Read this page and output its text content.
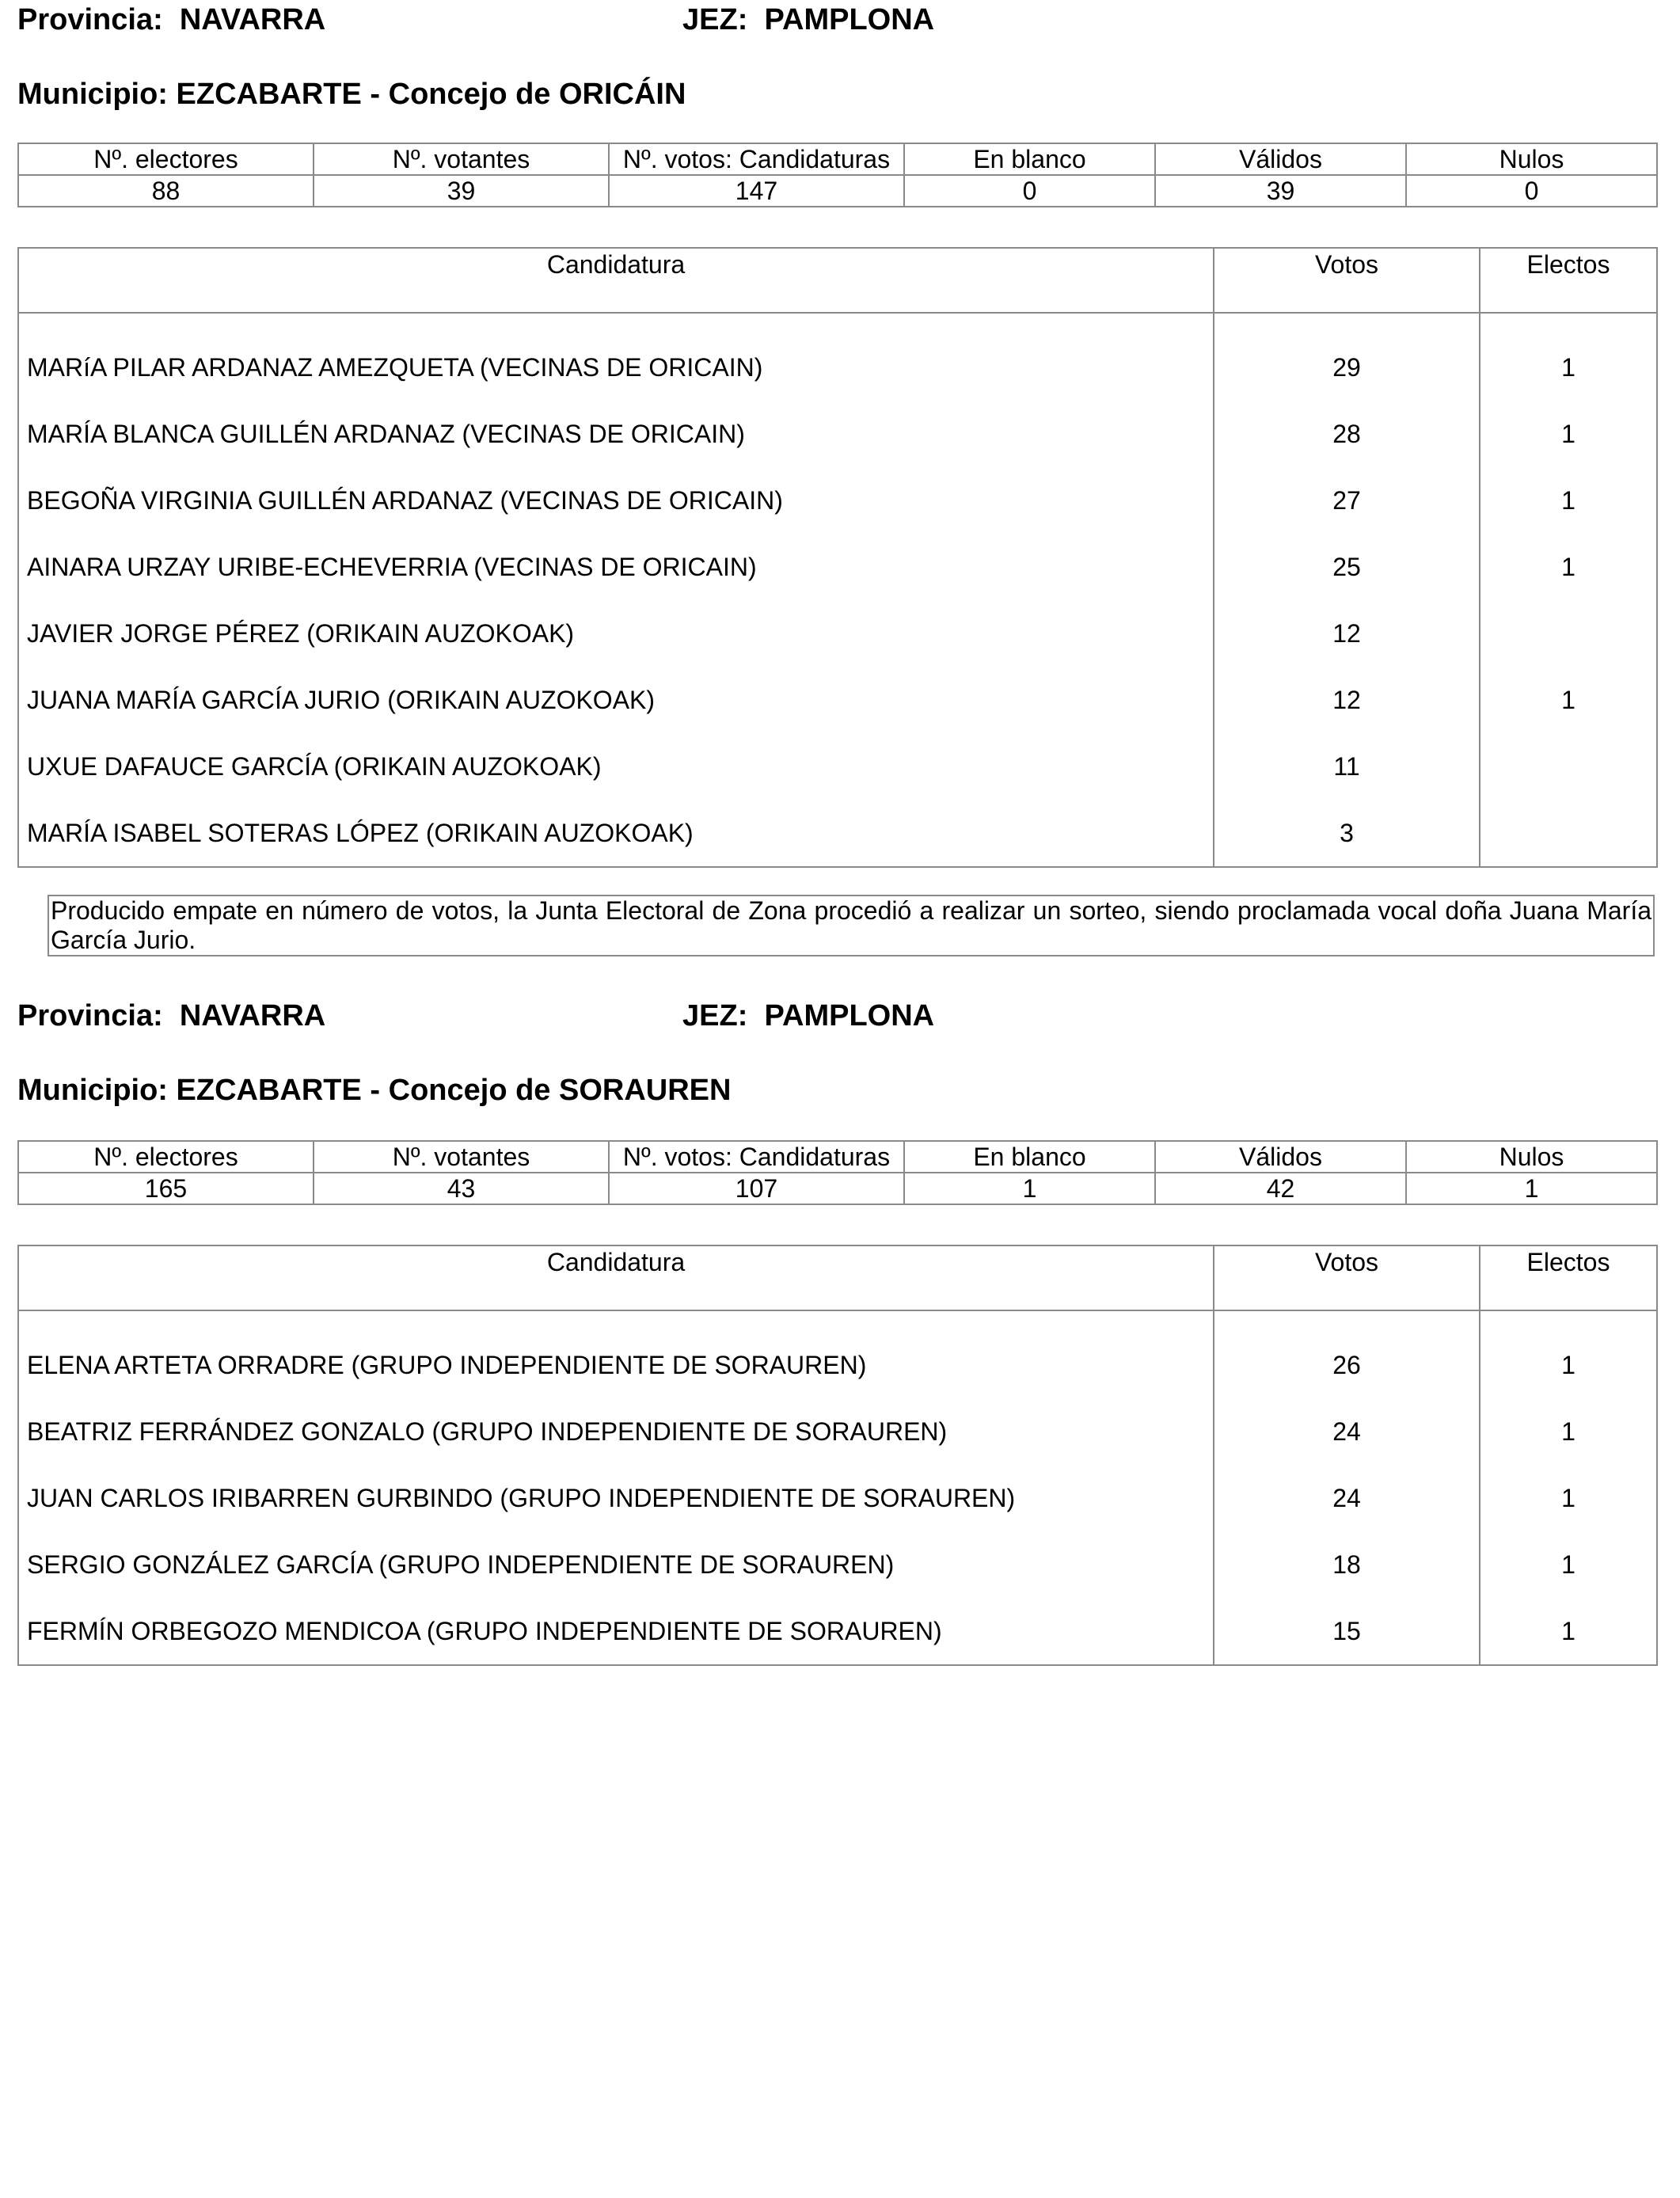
Provincia: NAVARRA	JEZ: PAMPLONA
Municipio: EZCABARTE - Concejo de ORICÁIN
Nº. electores	Nº. votantes	Nº. votos: Candidaturas	En blanco	Válidos	Nulos
88	39	147	0	39	0
Candidatura	Votos	Electos
MARíA PILAR ARDANAZ AMEZQUETA (VECINAS DE ORICAIN)	29	1
MARÍA BLANCA GUILLÉN ARDANAZ (VECINAS DE ORICAIN)	28	1
BEGOÑA VIRGINIA GUILLÉN ARDANAZ (VECINAS DE ORICAIN)	27	1
AINARA URZAY URIBE-ECHEVERRIA (VECINAS DE ORICAIN)	25	1
JAVIER JORGE PÉREZ (ORIKAIN AUZOKOAK)	12	
JUANA MARÍA GARCÍA JURIO (ORIKAIN AUZOKOAK)	12	1
UXUE DAFAUCE GARCÍA (ORIKAIN AUZOKOAK)	11	
MARÍA ISABEL SOTERAS LÓPEZ (ORIKAIN AUZOKOAK)	3	
Producido empate en número de votos, la Junta Electoral de Zona procedió a realizar un sorteo, siendo proclamada vocal doña Juana María García Jurio.
Provincia: NAVARRA	JEZ: PAMPLONA
Municipio: EZCABARTE - Concejo de SORAUREN
Nº. electores	Nº. votantes	Nº. votos: Candidaturas	En blanco	Válidos	Nulos
165	43	107	1	42	1
Candidatura	Votos	Electos
ELENA ARTETA ORRADRE (GRUPO INDEPENDIENTE DE SORAUREN)	26	1
BEATRIZ FERRÁNDEZ GONZALO (GRUPO INDEPENDIENTE DE SORAUREN)	24	1
JUAN CARLOS IRIBARREN GURBINDO (GRUPO INDEPENDIENTE DE SORAUREN)	24	1
SERGIO GONZÁLEZ GARCÍA (GRUPO INDEPENDIENTE DE SORAUREN)	18	1
FERMÍN ORBEGOZO MENDICOA (GRUPO INDEPENDIENTE DE SORAUREN)	15	1
